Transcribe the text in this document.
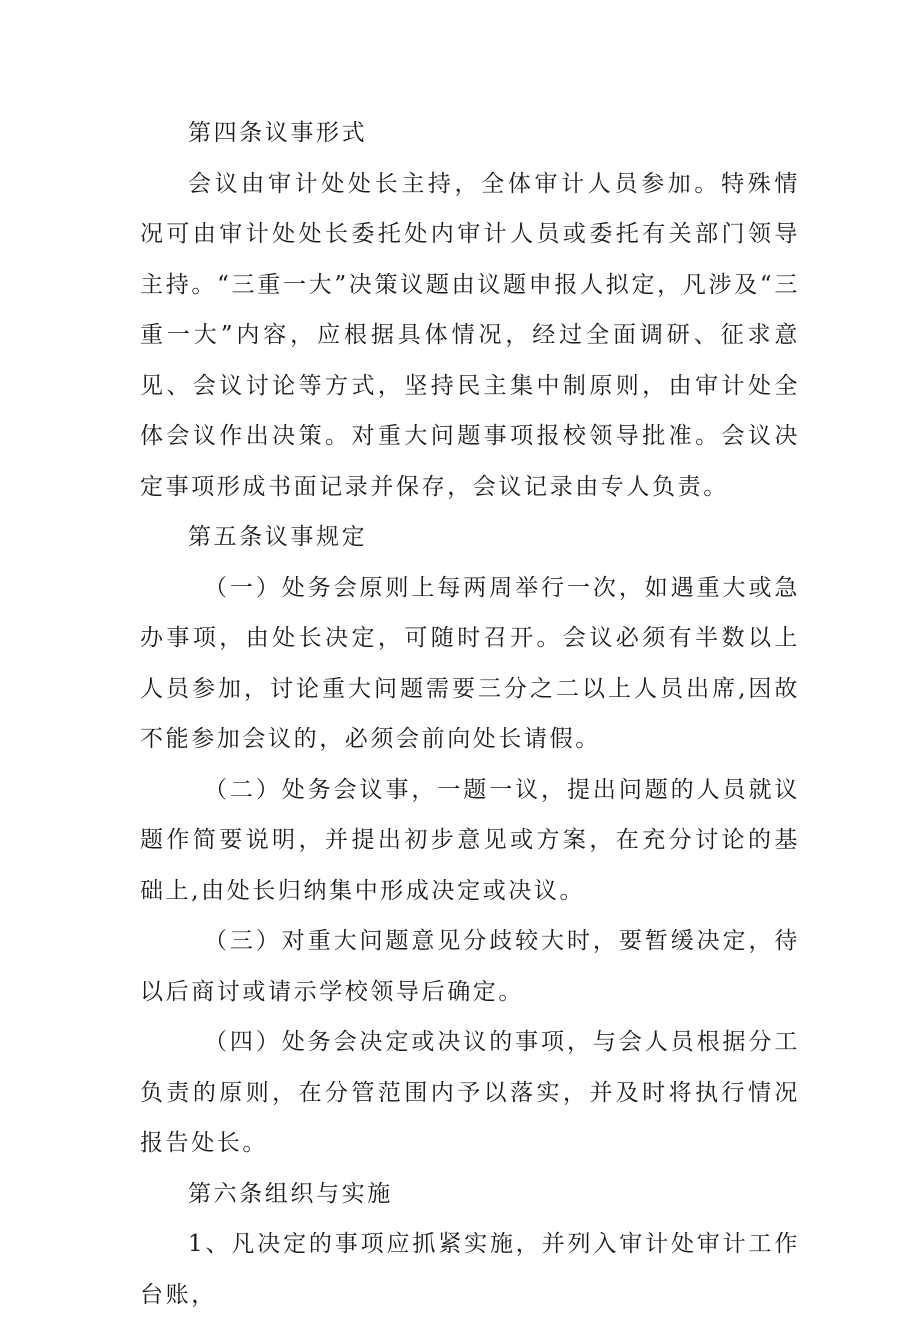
第四条议事形式

会议由审计处处长主持，全体审计人员参加。特殊情况可由审计处处长委托处内审计人员或委托有关部门领导主持。“三重一大”决策议题由议题申报人拟定，凡涉及“三重一大”内容，应根据具体情况，经过全面调研、征求意见、会议讨论等方式，坚持民主集中制原则，由审计处全体会议作出决策。对重大问题事项报校领导批准。会议决定事项形成书面记录并保存，会议记录由专人负责。

第五条议事规定

（一）处务会原则上每两周举行一次，如遇重大或急办事项，由处长决定，可随时召开。会议必须有半数以上人员参加，讨论重大问题需要三分之二以上人员出席,因故不能参加会议的，必须会前向处长请假。

（二）处务会议事，一题一议，提出问题的人员就议题作简要说明，并提出初步意见或方案，在充分讨论的基础上,由处长归纳集中形成决定或决议。

（三）对重大问题意见分歧较大时，要暂缓决定，待以后商讨或请示学校领导后确定。

（四）处务会决定或决议的事项，与会人员根据分工负责的原则，在分管范围内予以落实，并及时将执行情况报告处长。

第六条组织与实施

1、凡决定的事项应抓紧实施，并列入审计处审计工作台账，
